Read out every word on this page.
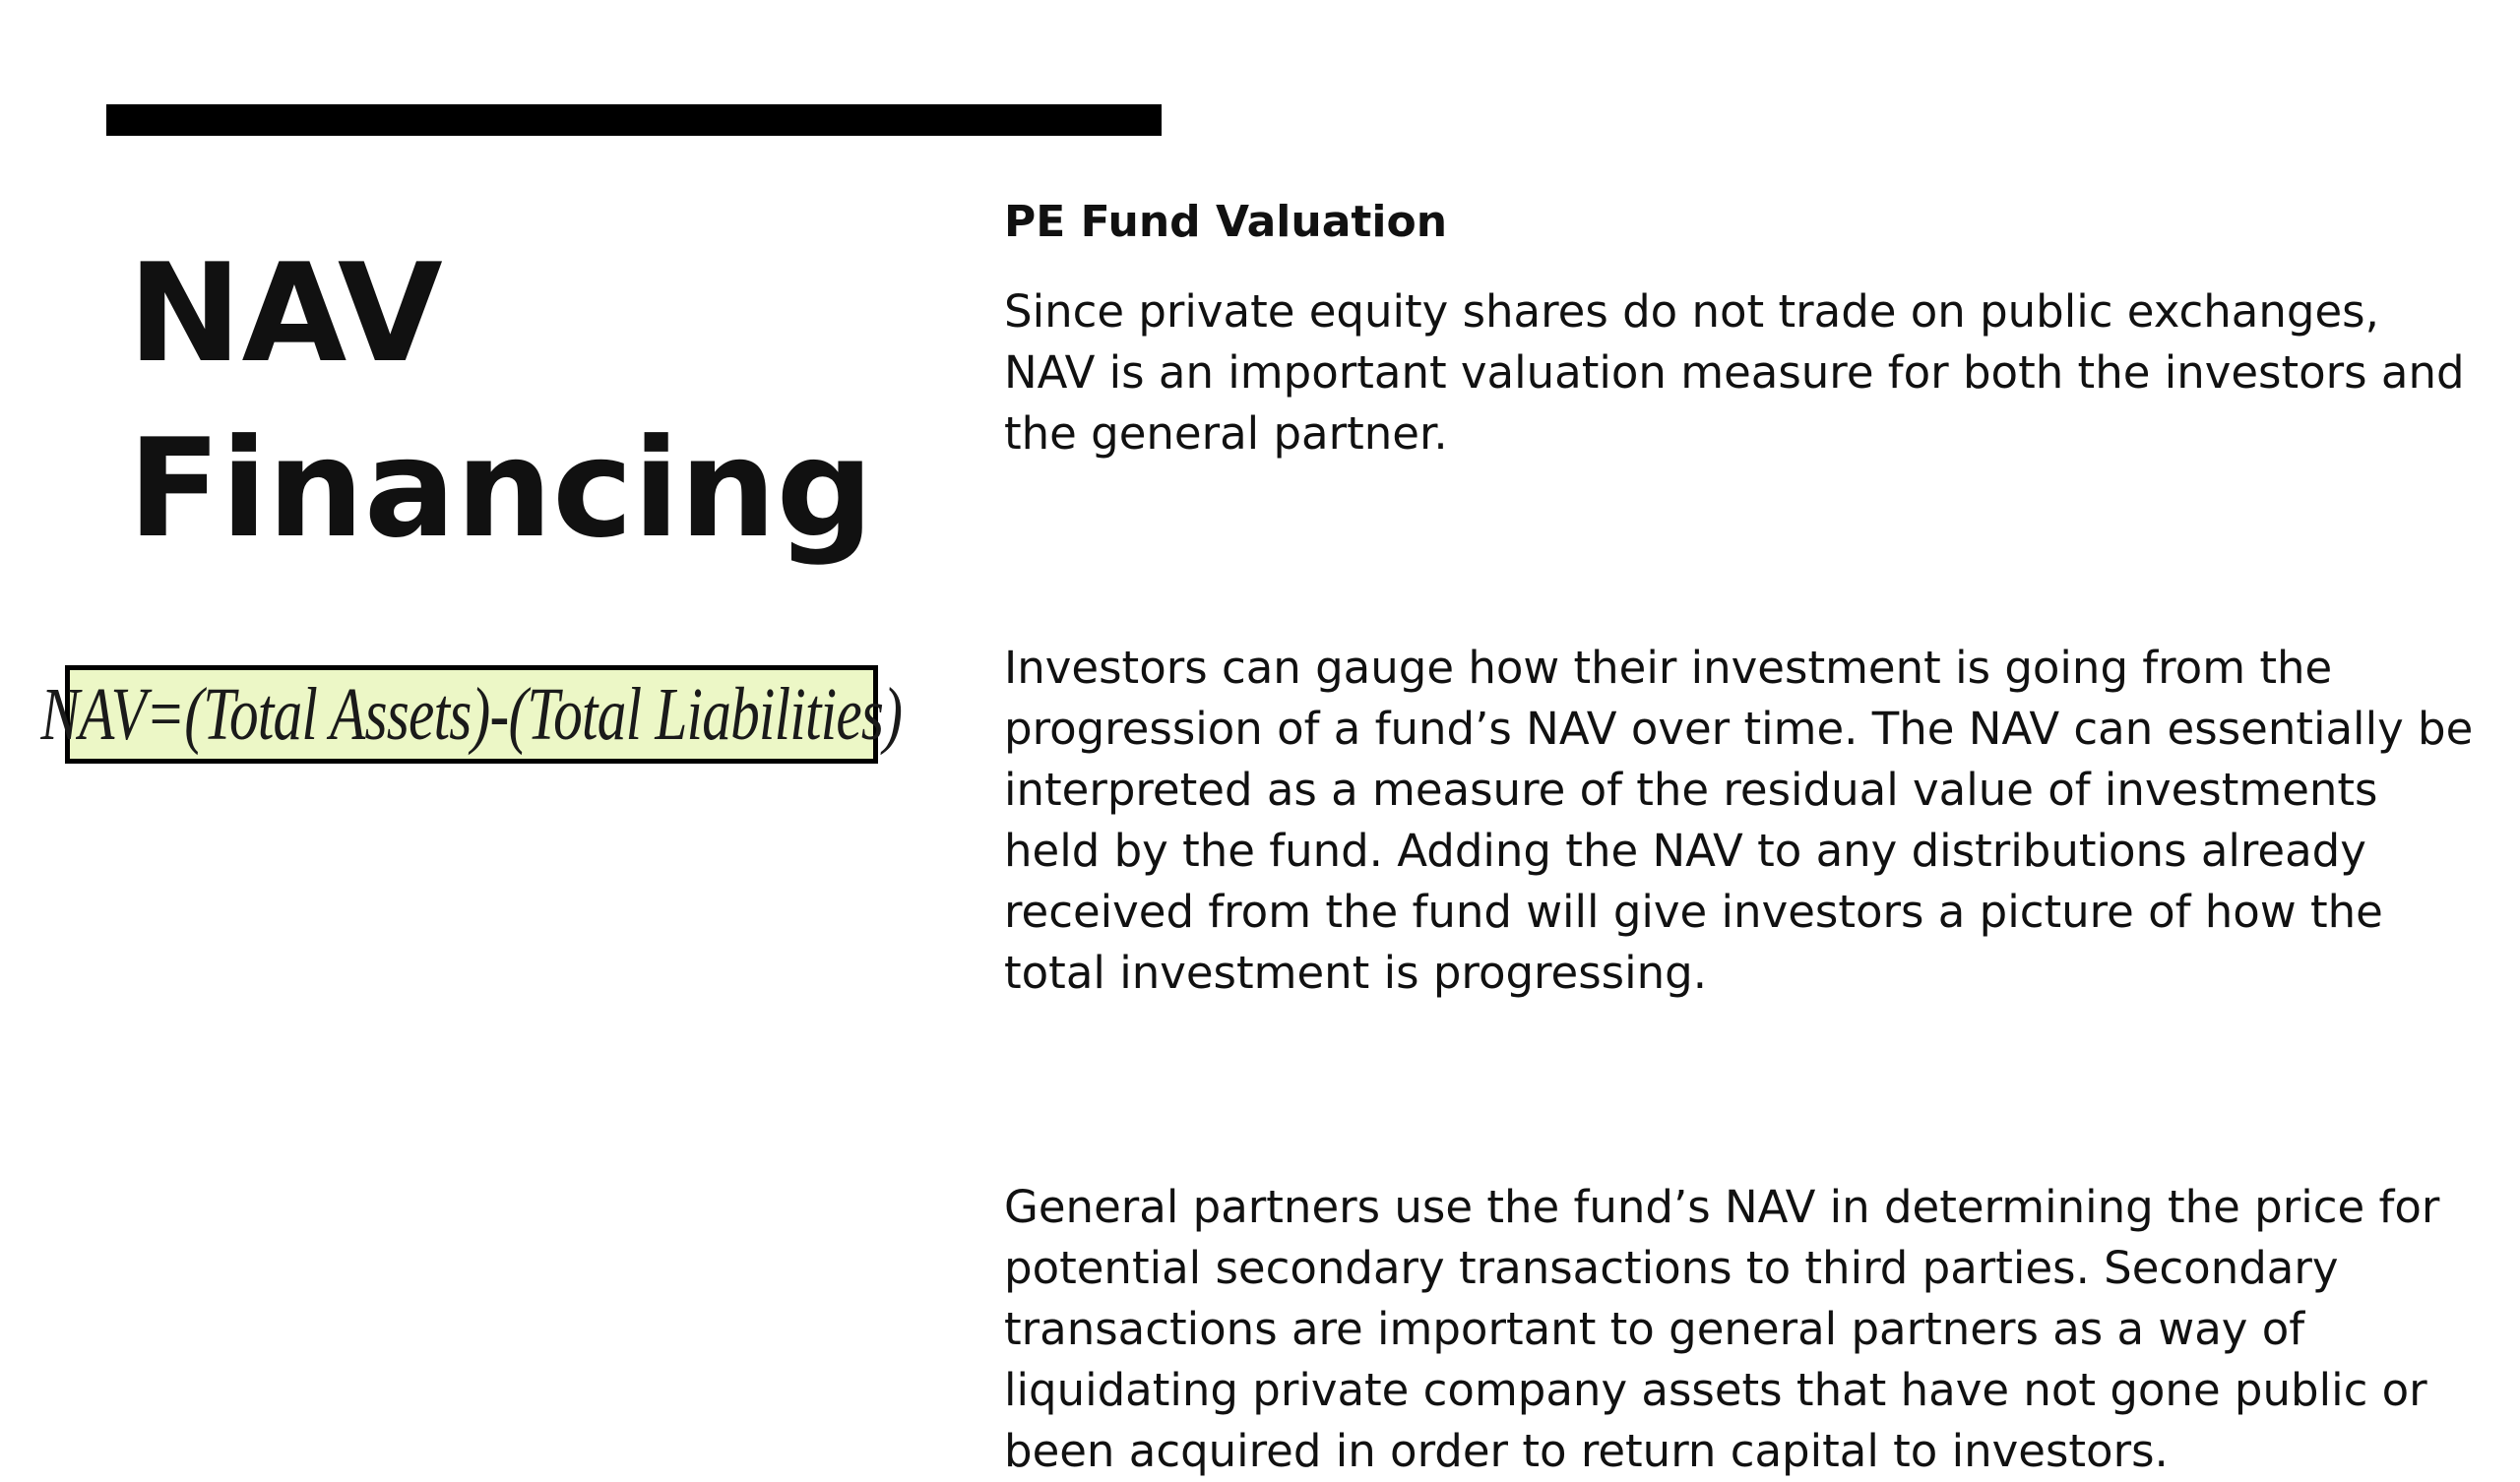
NAV
Financing
NAV=(Total Assets)-(Total Liabilities)
PE Fund Valuation

Since private equity shares do not trade on public exchanges, NAV is an important valuation measure for both the investors and the general partner.

Investors can gauge how their investment is going from the progression of a fund’s NAV over time. The NAV can essentially be interpreted as a measure of the residual value of investments held by the fund. Adding the NAV to any distributions already received from the fund will give investors a picture of how the total investment is progressing.

General partners use the fund’s NAV in determining the price for potential secondary transactions to third parties. Secondary transactions are important to general partners as a way of liquidating private company assets that have not gone public or been acquired in order to return capital to investors.
